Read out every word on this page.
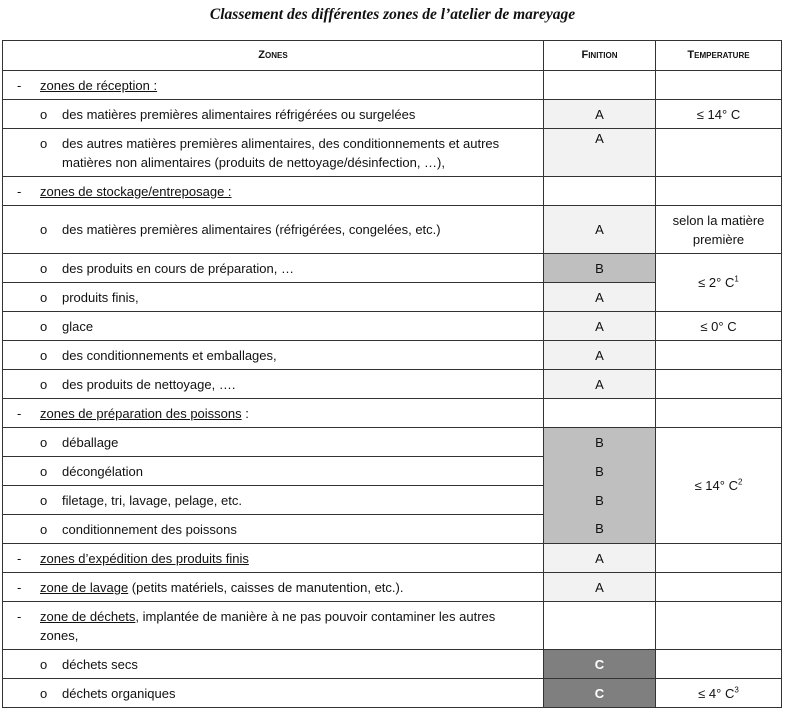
Classement des différentes zones de l’atelier de mareyage
Zones	Finition	Temperature

- zones de réception :		

o des matières premières alimentaires réfrigérées ou surgelées	A	≤ 14° C

o des autres matières premières alimentaires, des conditionnements et autres matières non alimentaires (produits de nettoyage/désinfection, …),	A	

- zones de stockage/entreposage :		

o des matières premières alimentaires (réfrigérées, congelées, etc.)	A	selon la matière première

o des produits en cours de préparation, …	B	≤ 2° $C^1$

o produits finis,	A	

o glace	A	≤ 0° C

o des conditionnements et emballages,	A	

o des produits de nettoyage, ….	A	

- zones de préparation des poissons :		

o déballage	B	≤ 14° $C^2$

o décongélation	B	

o filetage, tri, lavage, pelage, etc.	B	

o conditionnement des poissons	B	

- zones d’expédition des produits finis	A	

- zone de lavage (petits matériels, caisses de manutention, etc.).	A	

- zone de déchets, implantée de manière à ne pas pouvoir contaminer les autres zones,		

o déchets secs	C	

o déchets organiques	C	≤ 4° $C^3$
